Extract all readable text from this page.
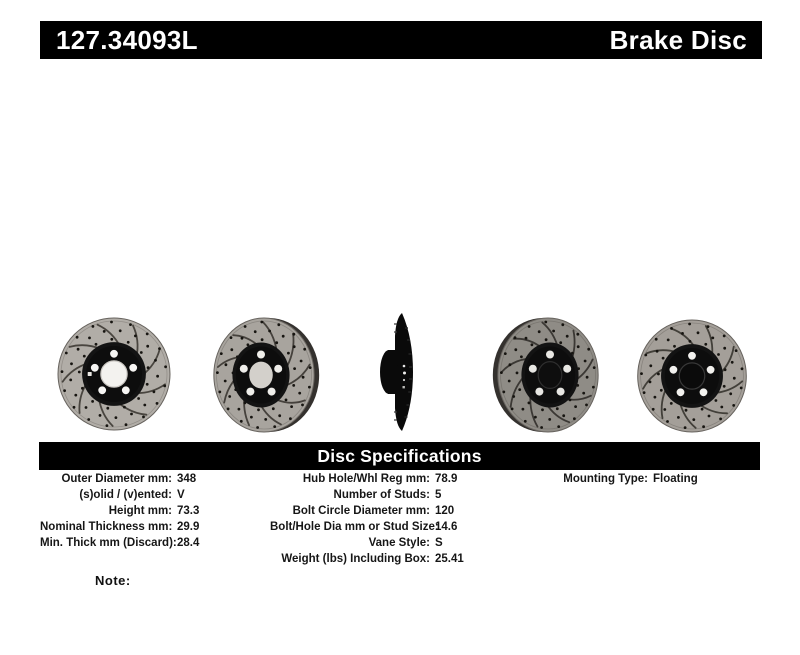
127.34093L	Brake Disc
Disc Specifications
Outer Diameter mm: 348
(s)olid / (v)ented: V
Height mm: 73.3
Nominal Thickness mm: 29.9
Min. Thick mm (Discard): 28.4
Hub Hole/Whl Reg mm: 78.9
Number of Studs: 5
Bolt Circle Diameter mm: 120
Bolt/Hole Dia mm or Stud Size:
14.6
Vane Style: S
Weight (lbs) Including Box: 25.41
Mounting Type: Floating
Note:
